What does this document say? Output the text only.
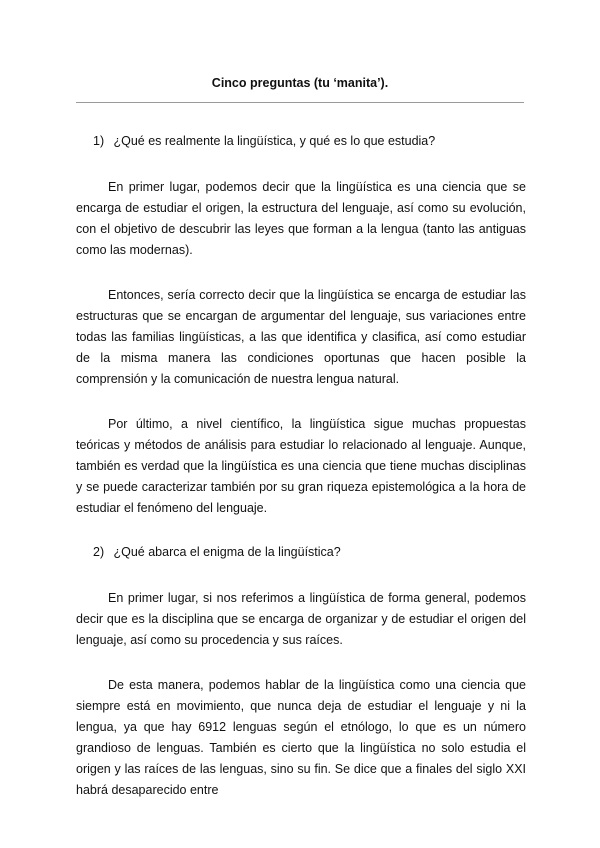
Cinco preguntas (tu ‘manita’).
1) ¿Qué es realmente la lingüística, y qué es lo que estudia?

En primer lugar, podemos decir que la lingüística es una ciencia que se encarga de estudiar el origen, la estructura del lenguaje, así como su evolución, con el objetivo de descubrir las leyes que forman a la lengua (tanto las antiguas como las modernas).

Entonces, sería correcto decir que la lingüística se encarga de estudiar las estructuras que se encargan de argumentar del lenguaje, sus variaciones entre todas las familias lingüísticas, a las que identifica y clasifica, así como estudiar de la misma manera las condiciones oportunas que hacen posible la comprensión y la comunicación de nuestra lengua natural.

Por último, a nivel científico, la lingüística sigue muchas propuestas teóricas y métodos de análisis para estudiar lo relacionado al lenguaje. Aunque, también es verdad que la lingüística es una ciencia que tiene muchas disciplinas y se puede caracterizar también por su gran riqueza epistemológica a la hora de estudiar el fenómeno del lenguaje.

2) ¿Qué abarca el enigma de la lingüística?

En primer lugar, si nos referimos a lingüística de forma general, podemos decir que es la disciplina que se encarga de organizar y de estudiar el origen del lenguaje, así como su procedencia y sus raíces.

De esta manera, podemos hablar de la lingüística como una ciencia que siempre está en movimiento, que nunca deja de estudiar el lenguaje y ni la lengua, ya que hay 6912 lenguas según el etnólogo, lo que es un número grandioso de lenguas. También es cierto que la lingüística no solo estudia el origen y las raíces de las lenguas, sino su fin. Se dice que a finales del siglo XXI habrá desaparecido entre
